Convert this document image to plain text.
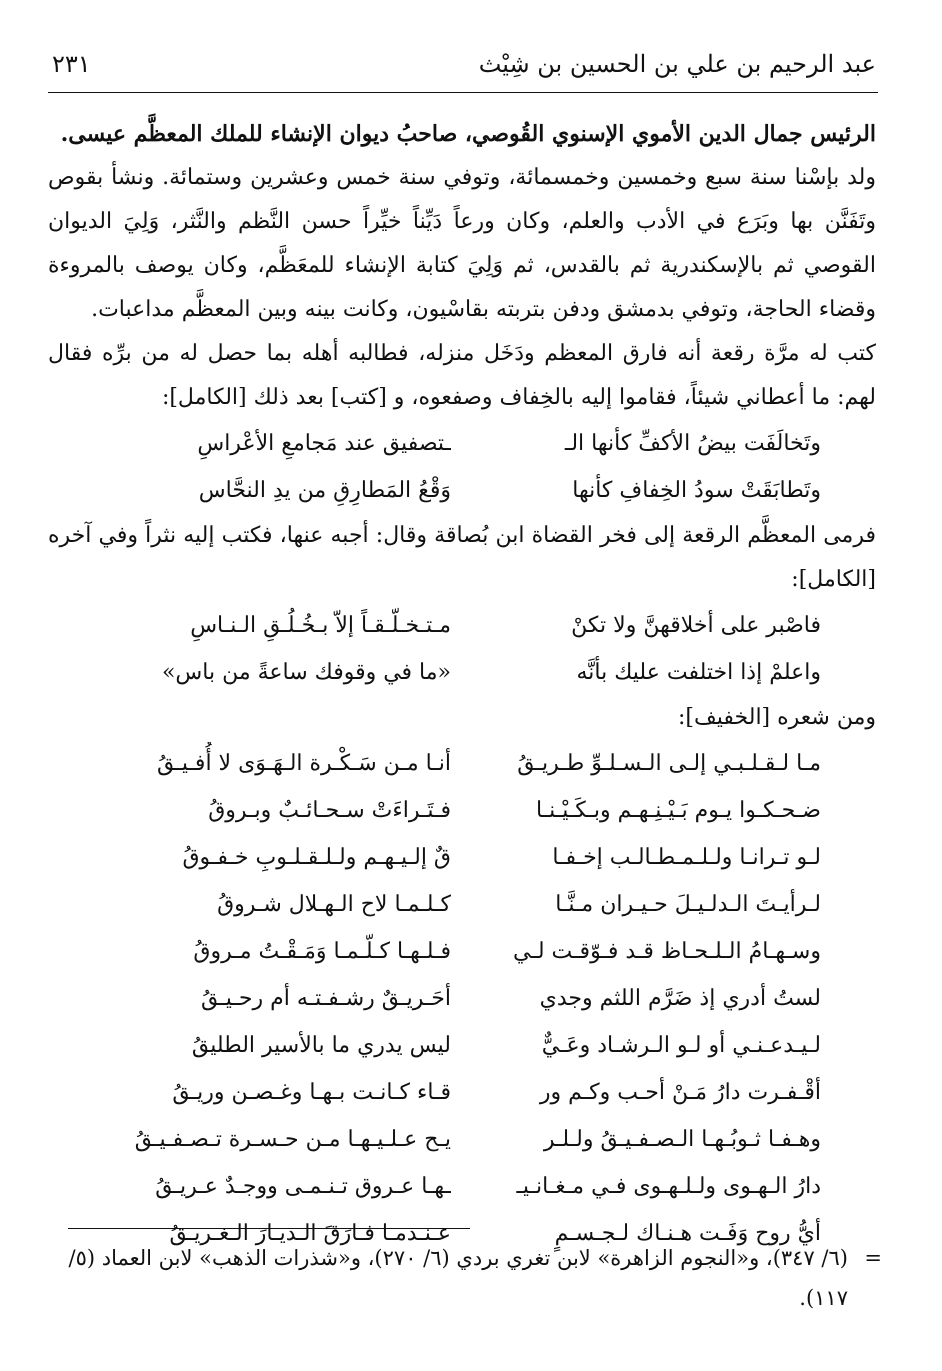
عبد الرحيم بن علي بن الحسين بن شِيْث
٢٣١

الرئيس جمال الدين الأموي الإسنوي القُوصي، صاحبُ ديوان الإنشاء للملك المعظَّم عيسى.

ولد بإسْنا سنة سبع وخمسين وخمسمائة، وتوفي سنة خمس وعشرين وستمائة. ونشأ بقوص وتَفَنَّن بها وبَرَع في الأدب والعلم، وكان ورعاً دَيِّناً خيِّراً حسن النَّظم والنَّثر، وَلِيَ الديوان القوصي ثم بالإسكندرية ثم بالقدس، ثم وَلِيَ كتابة الإنشاء للمعَظَّم، وكان يوصف بالمروءة وقضاء الحاجة، وتوفي بدمشق ودفن بتربته بقاسْيون، وكانت بينه وبين المعظَّم مداعبات.

كتب له مرَّة رقعة أنه فارق المعظم ودَخَل منزله، فطالبه أهله بما حصل له من برِّه فقال لهم: ما أعطاني شيئاً، فقاموا إليه بالخِفاف وصفعوه، و [كتب] بعد ذلك [الكامل]:

وتَخالَفَت بيضُ الأكفِّ كأنها الـ
ـتصفيق عند مَجامعِ الأعْراسِ
وتَطابَقَتْ سودُ الخِفافِ كأنها
وَقْعُ المَطارِقِ من يدِ النحَّاس

فرمى المعظَّم الرقعة إلى فخر القضاة ابن بُصاقة وقال: أجبه عنها، فكتب إليه نثراً وفي آخره [الكامل]:

فاصْبر على أخلاقهنَّ ولا تكنْ
مـتـخـلّـقـاً إلاّ بـخُـلُـقِ الـنـاسِ
واعلمْ إذا اختلفت عليك بأنَّه
«ما في وقوفك ساعةً من باس»

ومن شعره [الخفيف]:

مـا لـقـلـبـي إلـى الـسـلـوِّ طـريـقُ
أنـا مـن سَـكْـرة الـهَـوَى لا أُفـيـقُ
ضـحـكـوا يـوم بَـيْـنِـهـم وبـكَـيْـنـا
فـتَـراءَتْ سـحـائـبٌ وبـروقُ
لـو تـرانـا ولـلـمـطـالـب إخـفـا
قٌ إلـيـهـم ولـلـقـلـوبِ خـفـوقُ
لـرأيـتَ الـدلـيـلَ حـيـران مـنَّـا
كـلـمـا لاح الـهـلال شـروقُ
وسـهـامُ الـلـحـاظ قـد فـوّقـت لـي
فـلـهـا كـلّـمـا وَمَـقْـتُ مـروقُ
لستُ أدري إذ ضَرَّم اللثم وجدي
أحَـريـقٌ رشـفـتـه أم رحـيـقُ
لـيـدعـنـي أو لـو الـرشـاد وعَـيٌّ
ليس يدري ما بالأسير الطليقُ
أقْـفـرت دارُ مَـنْ أحـب وكـم ور
قـاء كـانـت بـهـا وغـصـن وريـقُ
وهـفـا ثـوبُـهـا الـصـفـيـقُ ولـلـر
يـح عـلـيـهـا مـن حـسـرة تـصـفـيـقُ
دارُ الـهـوى ولـلـهـوى فـي مـغـانـيـ
ـهـا عـروق تـنـمـى ووجـدٌ عـريـقُ
أيُّ روح وَفَـت هـنـاك لـجـسـمٍ
عـنـدمـا فـارَقَ الـديـارَ الـغـريـقُ
=
(٦/ ٣٤٧)، و«النجوم الزاهرة» لابن تغري بردي (٦/ ٢٧٠)، و«شذرات الذهب» لابن العماد (٥/ ١١٧).
